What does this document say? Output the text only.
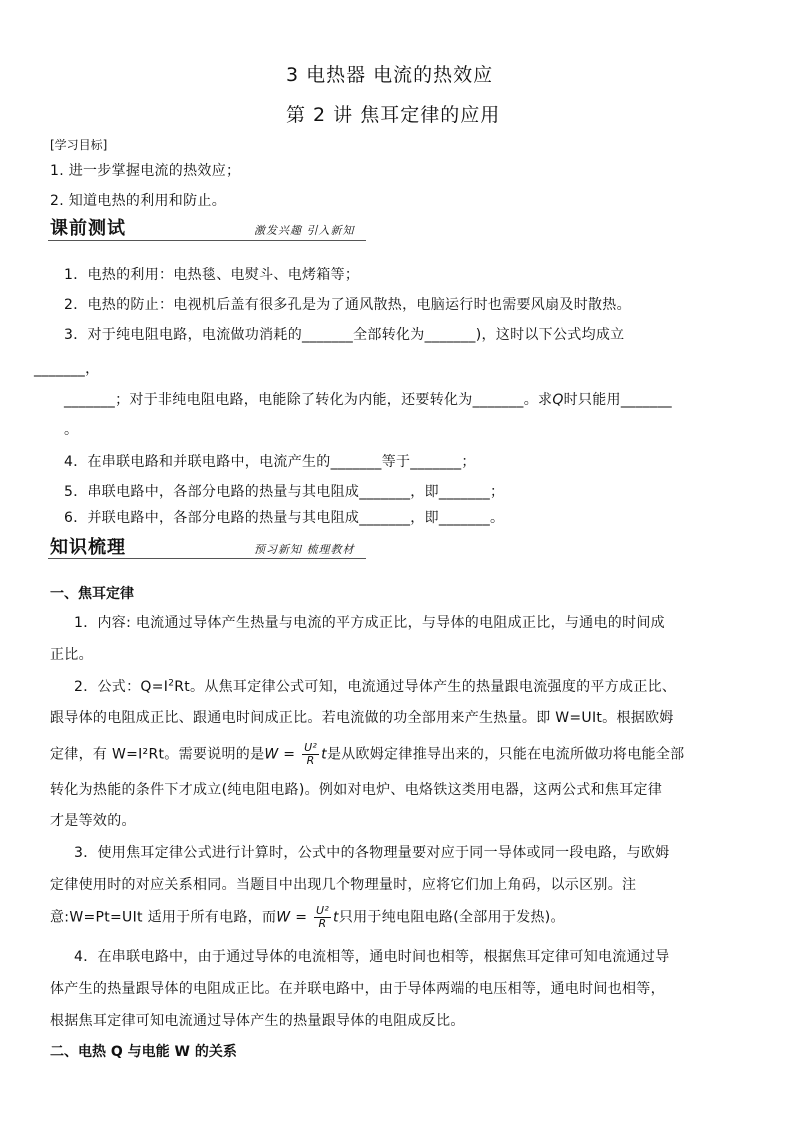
3 电热器 电流的热效应
第 2 讲 焦耳定律的应用
[学习目标]
1. 进一步掌握电流的热效应；
2. 知道电热的利用和防止。
课前测试	激发兴趣 引入新知
1．电热的利用：电热毯、电熨斗、电烤箱等；
2．电热的防止：电视机后盖有很多孔是为了通风散热，电脑运行时也需要风扇及时散热。
3．对于纯电阻电路，电流做功消耗的_______全部转化为_______)，这时以下公式均成立
_______，
_______；对于非纯电阻电路，电能除了转化为内能，还要转化为_______。求Q时只能用_______
。
4．在串联电路和并联电路中，电流产生的_______等于_______；
5．串联电路中，各部分电路的热量与其电阻成_______，即_______；
6．并联电路中，各部分电路的热量与其电阻成_______，即_______。
知识梳理	预习新知 梳理教材
一、焦耳定律
1．内容: 电流通过导体产生热量与电流的平方成正比，与导体的电阻成正比，与通电的时间成
正比。
2．公式：$Q=I^2Rt$。从焦耳定律公式可知，电流通过导体产生的热量跟电流强度的平方成正比、
跟导体的电阻成正比、跟通电时间成正比。若电流做的功全部用来产生热量。即 W=UIt。根据欧姆
定律，有 W=I²Rt。需要说明的是$W = \frac{\text{U²}}{R}$ t是从欧姆定律推导出来的，只能在电流所做功将电能全部
转化为热能的条件下才成立(纯电阻电路)。例如对电炉、电烙铁这类用电器，这两公式和焦耳定律
才是等效的。
3．使用焦耳定律公式进行计算时，公式中的各物理量要对应于同一导体或同一段电路，与欧姆
定律使用时的对应关系相同。当题目中出现几个物理量时，应将它们加上角码，以示区别。注
意:W=Pt=UIt 适用于所有电路，而$W = \frac{\text{U²}}{R}$ t只用于纯电阻电路(全部用于发热)。
4．在串联电路中，由于通过导体的电流相等，通电时间也相等，根据焦耳定律可知电流通过导
体产生的热量跟导体的电阻成正比。在并联电路中，由于导体两端的电压相等，通电时间也相等，
根据焦耳定律可知电流通过导体产生的热量跟导体的电阻成反比。
二、电热 Q 与电能 W 的关系
